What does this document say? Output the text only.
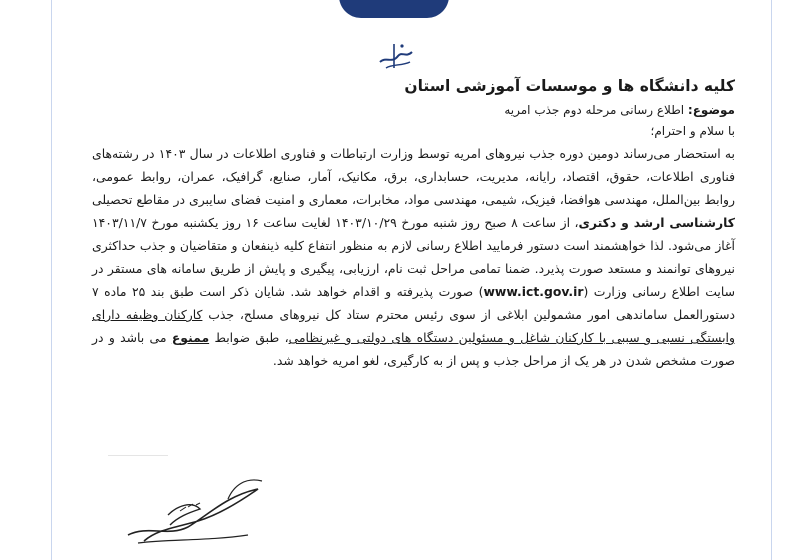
کلیه دانشگاه ها و موسسات آموزشی استان

موضوع: اطلاع رسانی مرحله دوم جذب امریه

با سلام و احترام؛

به استحضار می‌رساند دومین دوره جذب نیروهای امریه توسط وزارت ارتباطات و فناوری اطلاعات در سال ۱۴۰۳ در رشته‌های فناوری اطلاعات، حقوق، اقتصاد، رایانه، مدیریت، حسابداری، برق، مکانیک، آمار، صنایع، گرافیک، عمران، روابط عمومی، روابط بین‌الملل، مهندسی هوافضا، فیزیک، شیمی، مهندسی مواد، مخابرات، معماری و امنیت فضای سایبری در مقاطع تحصیلی کارشناسی ارشد و دکتری، از ساعت ۸ صبح روز شنبه مورخ ۱۴۰۳/۱۰/۲۹ لغایت ساعت ۱۶ روز یکشنبه مورخ ۱۴۰۳/۱۱/۷ آغاز می‌شود. لذا خواهشمند است دستور فرمایید اطلاع رسانی لازم به منظور انتفاع کلیه ذینفعان و متقاضیان و جذب حداکثری نیروهای توانمند و مستعد صورت پذیرد. ضمنا تمامی مراحل ثبت نام، ارزیابی، پیگیری و پایش از طریق سامانه های مستقر در سایت اطلاع رسانی وزارت (www.ict.gov.ir) صورت پذیرفته و اقدام خواهد شد. شایان ذکر است طبق بند ۲۵ ماده ۷ دستورالعمل ساماندهی امور مشمولین ابلاغی از سوی رئیس محترم ستاد کل نیروهای مسلح، جذب کارکنان وظیفه دارای وابستگی نسبی و سببی با کارکنان شاغل و مسئولین دستگاه های دولتی و غیرنظامی، طبق ضوابط ممنوع می باشد و در صورت مشخص شدن در هر یک از مراحل جذب و پس از به کارگیری، لغو امریه خواهد شد.
